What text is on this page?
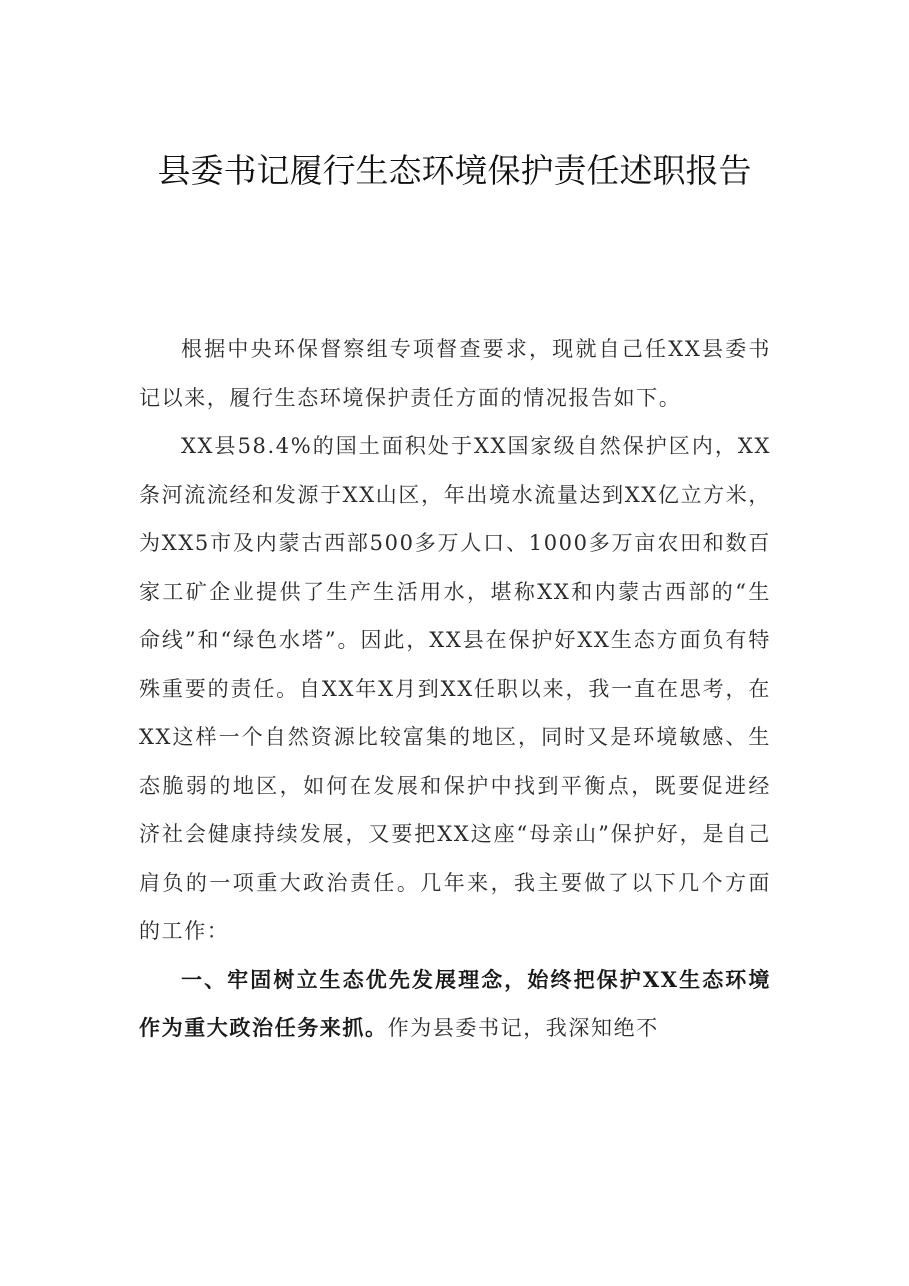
县委书记履行生态环境保护责任述职报告

根据中央环保督察组专项督查要求，现就自己任XX县委书记以来，履行生态环境保护责任方面的情况报告如下。

XX县58.4%的国土面积处于XX国家级自然保护区内，XX条河流流经和发源于XX山区，年出境水流量达到XX亿立方米，为XX5市及内蒙古西部500多万人口、1000多万亩农田和数百家工矿企业提供了生产生活用水，堪称XX和内蒙古西部的“生命线”和“绿色水塔”。因此，XX县在保护好XX生态方面负有特殊重要的责任。自XX年X月到XX任职以来，我一直在思考，在XX这样一个自然资源比较富集的地区，同时又是环境敏感、生态脆弱的地区，如何在发展和保护中找到平衡点，既要促进经济社会健康持续发展，又要把XX这座“母亲山”保护好，是自己肩负的一项重大政治责任。几年来，我主要做了以下几个方面的工作：

一、牢固树立生态优先发展理念，始终把保护XX生态环境作为重大政治任务来抓。作为县委书记，我深知绝不
